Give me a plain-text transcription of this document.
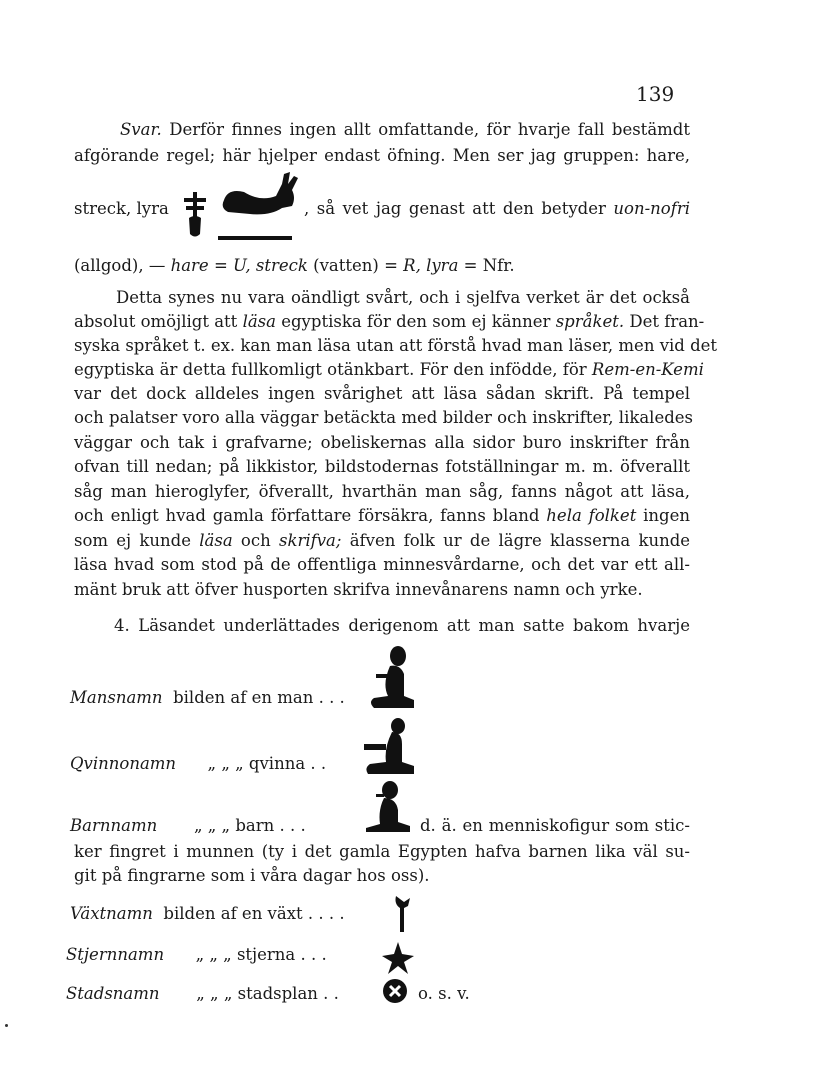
139
Svar. Derför finnes ingen allt omfattande, för hvarje fall bestämdt
afgörande regel; här hjelper endast öfning. Men ser jag gruppen: hare,
streck, lyra	, så vet jag genast att den betyder uon-nofri
(allgod), — hare = U, streck (vatten) = R, lyra = Nfr.
Detta synes nu vara oändligt svårt, och i sjelfva verket är det också
absolut omöjligt att läsa egyptiska för den som ej känner språket. Det fran-
syska språket t. ex. kan man läsa utan att förstå hvad man läser, men vid det
egyptiska är detta fullkomligt otänkbart. För den infödde, för Rem-en-Kemi
var det dock alldeles ingen svårighet att läsa sådan skrift. På tempel
och palatser voro alla väggar betäckta med bilder och inskrifter, likaledes
väggar och tak i grafvarne; obeliskernas alla sidor buro inskrifter från
ofvan till nedan; på likkistor, bildstodernas fotställningar m. m. öfverallt
såg man hieroglyfer, öfverallt, hvarthän man såg, fanns något att läsa,
och enligt hvad gamla författare försäkra, fanns bland hela folket ingen
som ej kunde läsa och skrifva; äfven folk ur de lägre klasserna kunde
läsa hvad som stod på de offentliga minnesvårdarne, och det var ett all-
mänt bruk att öfver husporten skrifva innevånarens namn och yrke.
4. Läsandet underlättades derigenom att man satte bakom hvarje
Mansnamn bilden af en man . . .
Qvinnonamn „ „ „ qvinna . .
Barnnamn „ „ „ barn . . .	d. ä. en menniskofigur som stic-
ker fingret i munnen (ty i det gamla Egypten hafva barnen lika väl su-
git på fingrarne som i våra dagar hos oss).
Växtnamn bilden af en växt . . . .
Stjernnamn „ „ „ stjerna . . .
Stadsnamn „ „ „ stadsplan . .	o. s. v.
